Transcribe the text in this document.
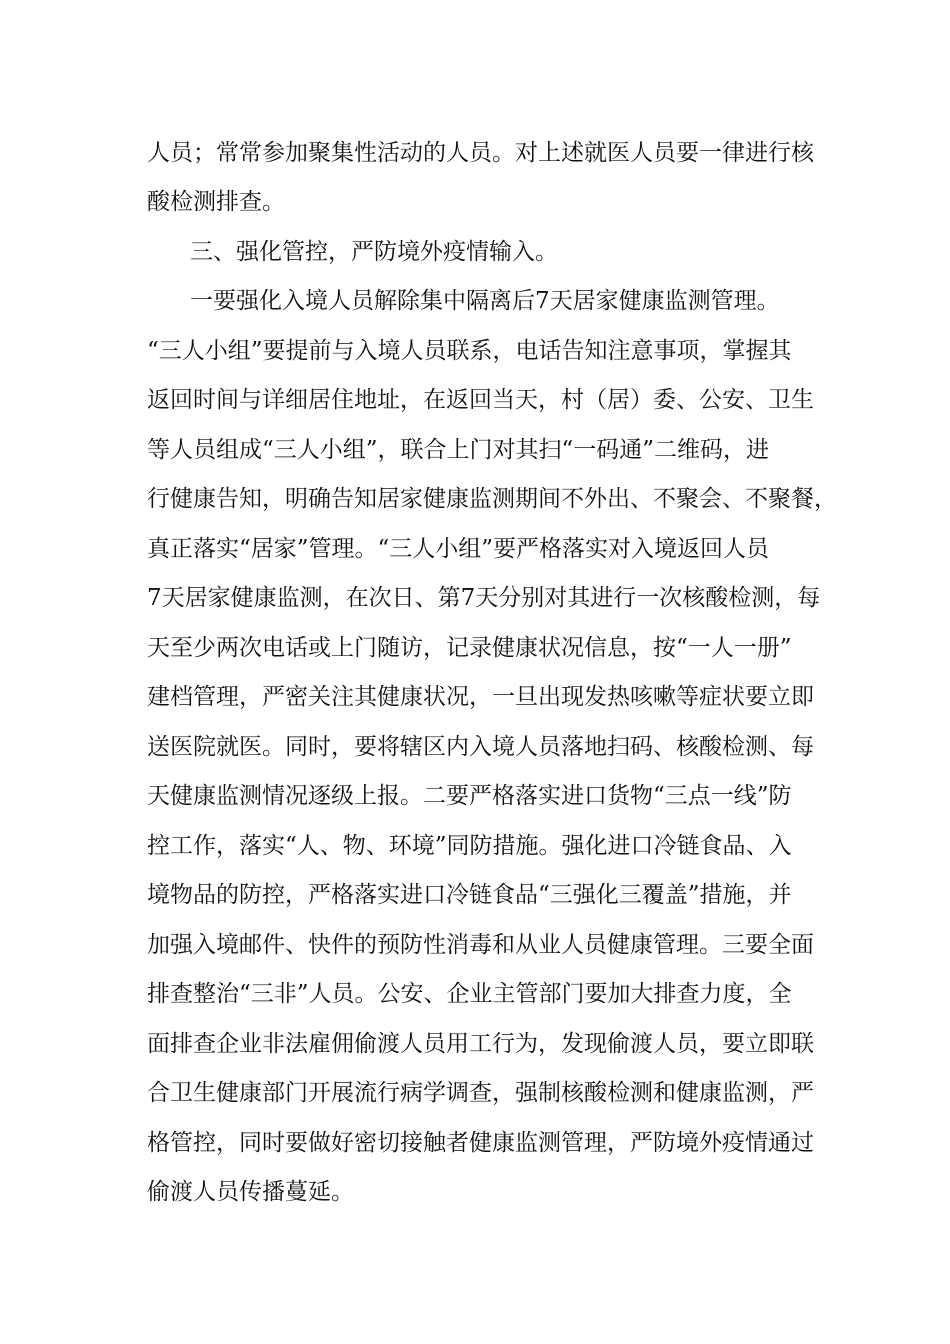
人员；常常参加聚集性活动的人员。对上述就医人员要一律进行核
酸检测排查。
三、强化管控，严防境外疫情输入。
一要强化入境人员解除集中隔离后7天居家健康监测管理。
“三人小组”要提前与入境人员联系，电话告知注意事项，掌握其
返回时间与详细居住地址，在返回当天，村（居）委、公安、卫生
等人员组成“三人小组”，联合上门对其扫“一码通”二维码，进
行健康告知，明确告知居家健康监测期间不外出、不聚会、不聚餐，
真正落实“居家”管理。“三人小组”要严格落实对入境返回人员
7天居家健康监测，在次日、第7天分别对其进行一次核酸检测，每
天至少两次电话或上门随访，记录健康状况信息，按“一人一册”
建档管理，严密关注其健康状况，一旦出现发热咳嗽等症状要立即
送医院就医。同时，要将辖区内入境人员落地扫码、核酸检测、每
天健康监测情况逐级上报。二要严格落实进口货物“三点一线”防
控工作，落实“人、物、环境”同防措施。强化进口冷链食品、入
境物品的防控，严格落实进口冷链食品“三强化三覆盖”措施，并
加强入境邮件、快件的预防性消毒和从业人员健康管理。三要全面
排查整治“三非”人员。公安、企业主管部门要加大排查力度，全
面排查企业非法雇佣偷渡人员用工行为，发现偷渡人员，要立即联
合卫生健康部门开展流行病学调查，强制核酸检测和健康监测，严
格管控，同时要做好密切接触者健康监测管理，严防境外疫情通过
偷渡人员传播蔓延。
